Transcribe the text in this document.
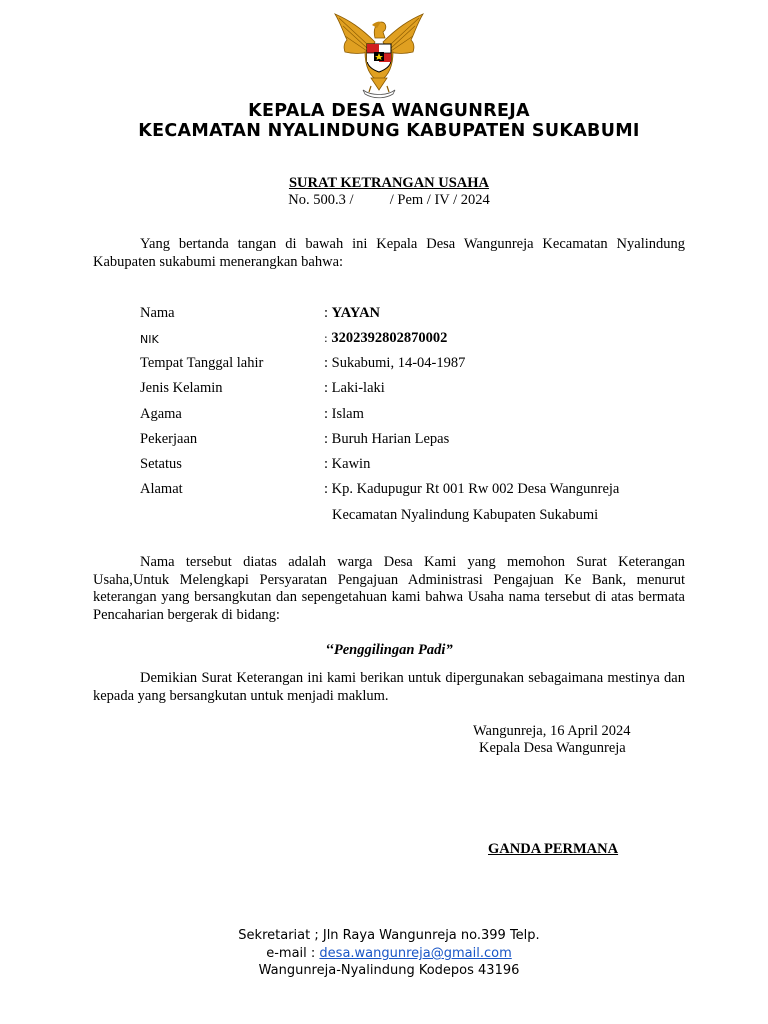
KEPALA DESA WANGUNREJA
KECAMATAN NYALINDUNG KABUPATEN SUKABUMI
SURAT KETRANGAN USAHA
No. 500.3 /          / Pem / IV / 2024

Yang bertanda tangan di bawah ini Kepala Desa Wangunreja Kecamatan Nyalindung Kabupaten sukabumi menerangkan bahwa:

Nama	: YAYAN
NIK	: 3202392802870002
Tempat Tanggal lahir	: Sukabumi, 14-04-1987
Jenis Kelamin	: Laki-laki
Agama	: Islam
Pekerjaan	: Buruh Harian Lepas
Setatus	: Kawin
Alamat	: Kp. Kadupugur Rt 001 Rw 002 Desa Wangunreja
Kecamatan Nyalindung Kabupaten Sukabumi

Nama tersebut diatas adalah warga Desa Kami yang memohon Surat Keterangan Usaha,Untuk Melengkapi Persyaratan Pengajuan Administrasi Pengajuan Ke Bank, menurut keterangan yang bersangkutan dan sepengetahuan kami bahwa Usaha nama tersebut di atas bermata Pencaharian bergerak di bidang:

‘‘Penggilingan Padi”

Demikian Surat Keterangan ini kami berikan untuk dipergunakan sebagaimana mestinya dan kepada yang bersangkutan untuk menjadi maklum.

Wangunreja, 16 April 2024
Kepala Desa Wangunreja
GANDA PERMANA
Sekretariat ; Jln Raya Wangunreja no.399 Telp.
e-mail : desa.wangunreja@gmail.com
Wangunreja-Nyalindung Kodepos 43196
